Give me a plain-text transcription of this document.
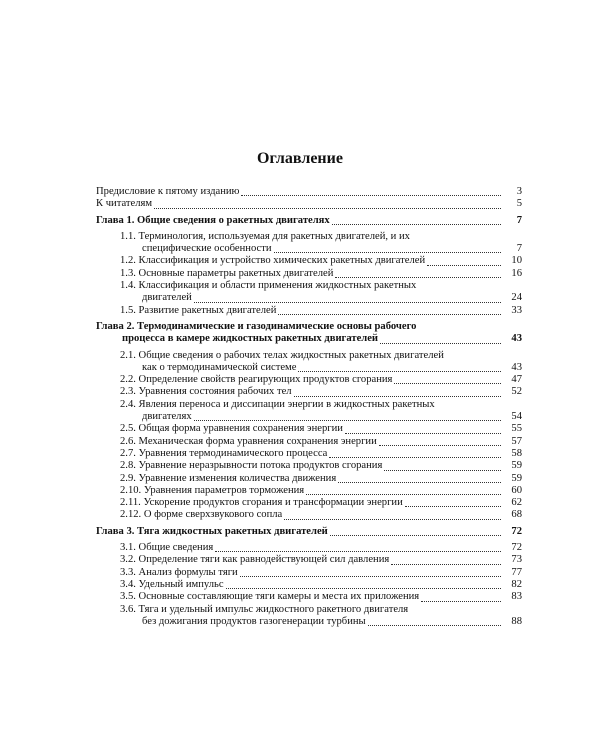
Оглавление
Предисловие к пятому изданию	3
К читателям	5
Глава 1. Общие сведения о ракетных двигателях	7
1.1. Терминология, используемая для ракетных двигателей, и их
специфические особенности	7
1.2. Классификация и устройство химических ракетных двигателей	10
1.3. Основные параметры ракетных двигателей	16
1.4. Классификация и области применения жидкостных ракетных
двигателей	24
1.5. Развитие ракетных двигателей	33
Глава 2. Термодинамические и газодинамические основы рабочего
процесса в камере жидкостных ракетных двигателей	43
2.1. Общие сведения о рабочих телах жидкостных ракетных двигателей
как о термодинамической системе	43
2.2. Определение свойств реагирующих продуктов сгорания	47
2.3. Уравнения состояния рабочих тел	52
2.4. Явления переноса и диссипации энергии в жидкостных ракетных
двигателях	54
2.5. Общая форма уравнения сохранения энергии	55
2.6. Механическая форма уравнения сохранения энергии	57
2.7. Уравнения термодинамического процесса	58
2.8. Уравнение неразрывности потока продуктов сгорания	59
2.9. Уравнение изменения количества движения	59
2.10. Уравнения параметров торможения	60
2.11. Ускорение продуктов сгорания и трансформации энергии	62
2.12. О форме сверхзвукового сопла	68
Глава 3. Тяга жидкостных ракетных двигателей	72
3.1. Общие сведения	72
3.2. Определение тяги как равнодействующей сил давления	73
3.3. Анализ формулы тяги	77
3.4. Удельный импульс	82
3.5. Основные составляющие тяги камеры и места их приложения	83
3.6. Тяга и удельный импульс жидкостного ракетного двигателя
без дожигания продуктов газогенерации турбины	88
